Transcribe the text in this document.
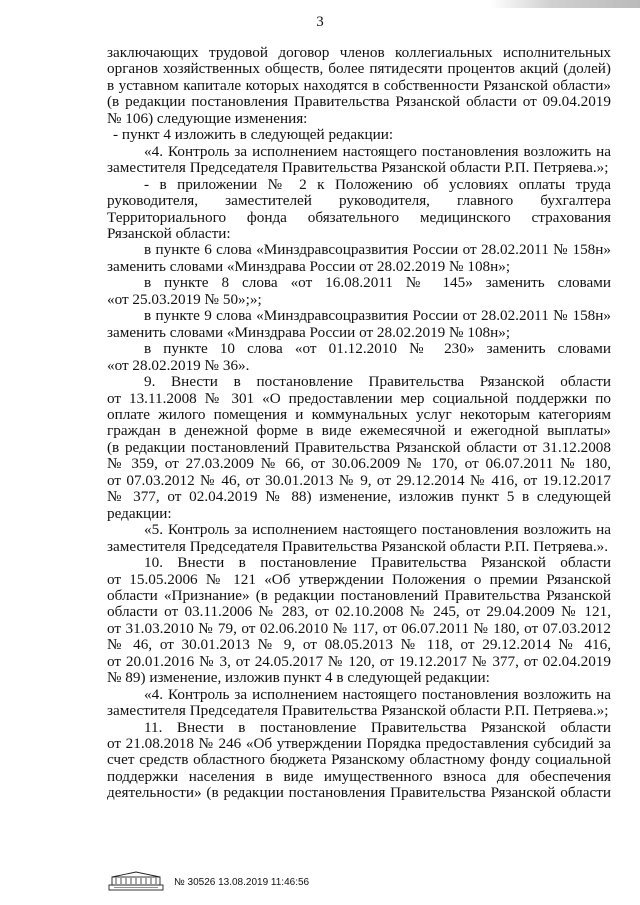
3

заключающих трудовой договор членов коллегиальных исполнительных

органов хозяйственных обществ, более пятидесяти процентов акций (долей)

в уставном капитале которых находятся в собственности Рязанской области»

(в редакции постановления Правительства Рязанской области от 09.04.2019

№ 106) следующие изменения:

- пункт 4 изложить в следующей редакции:

«4. Контроль за исполнением настоящего постановления возложить на

заместителя Председателя Правительства Рязанской области Р.П. Петряева.»;

- в приложении № 2 к Положению об условиях оплаты труда

руководителя, заместителей руководителя, главного бухгалтера

Территориального фонда обязательного медицинского страхования

Рязанской области:

в пункте 6 слова «Минздравсоцразвития России от 28.02.2011 № 158н»

заменить словами «Минздрава России от 28.02.2019 № 108н»;

в пункте 8 слова «от 16.08.2011 № 145» заменить словами

«от 25.03.2019 № 50»;»;

в пункте 9 слова «Минздравсоцразвития России от 28.02.2011 № 158н»

заменить словами «Минздрава России от 28.02.2019 № 108н»;

в пункте 10 слова «от 01.12.2010 № 230» заменить словами

«от 28.02.2019 № 36».

9. Внести в постановление Правительства Рязанской области

от 13.11.2008 № 301 «О предоставлении мер социальной поддержки по

оплате жилого помещения и коммунальных услуг некоторым категориям

граждан в денежной форме в виде ежемесячной и ежегодной выплаты»

(в редакции постановлений Правительства Рязанской области от 31.12.2008

№ 359, от 27.03.2009 № 66, от 30.06.2009 № 170, от 06.07.2011 № 180,

от 07.03.2012 № 46, от 30.01.2013 № 9, от 29.12.2014 № 416, от 19.12.2017

№ 377, от 02.04.2019 № 88) изменение, изложив пункт 5 в следующей

редакции:

«5. Контроль за исполнением настоящего постановления возложить на

заместителя Председателя Правительства Рязанской области Р.П. Петряева.».

10. Внести в постановление Правительства Рязанской области

от 15.05.2006 № 121 «Об утверждении Положения о премии Рязанской

области «Признание» (в редакции постановлений Правительства Рязанской

области от 03.11.2006 № 283, от 02.10.2008 № 245, от 29.04.2009 № 121,

от 31.03.2010 № 79, от 02.06.2010 № 117, от 06.07.2011 № 180, от 07.03.2012

№ 46, от 30.01.2013 № 9, от 08.05.2013 № 118, от 29.12.2014 № 416,

от 20.01.2016 № 3, от 24.05.2017 № 120, от 19.12.2017 № 377, от 02.04.2019

№ 89) изменение, изложив пункт 4 в следующей редакции:

«4. Контроль за исполнением настоящего постановления возложить на

заместителя Председателя Правительства Рязанской области Р.П. Петряева.»;

11. Внести в постановление Правительства Рязанской области

от 21.08.2018 № 246 «Об утверждении Порядка предоставления субсидий за

счет средств областного бюджета Рязанскому областному фонду социальной

поддержки населения в виде имущественного взноса для обеспечения

деятельности» (в редакции постановления Правительства Рязанской области

№ 30526 13.08.2019 11:46:56
